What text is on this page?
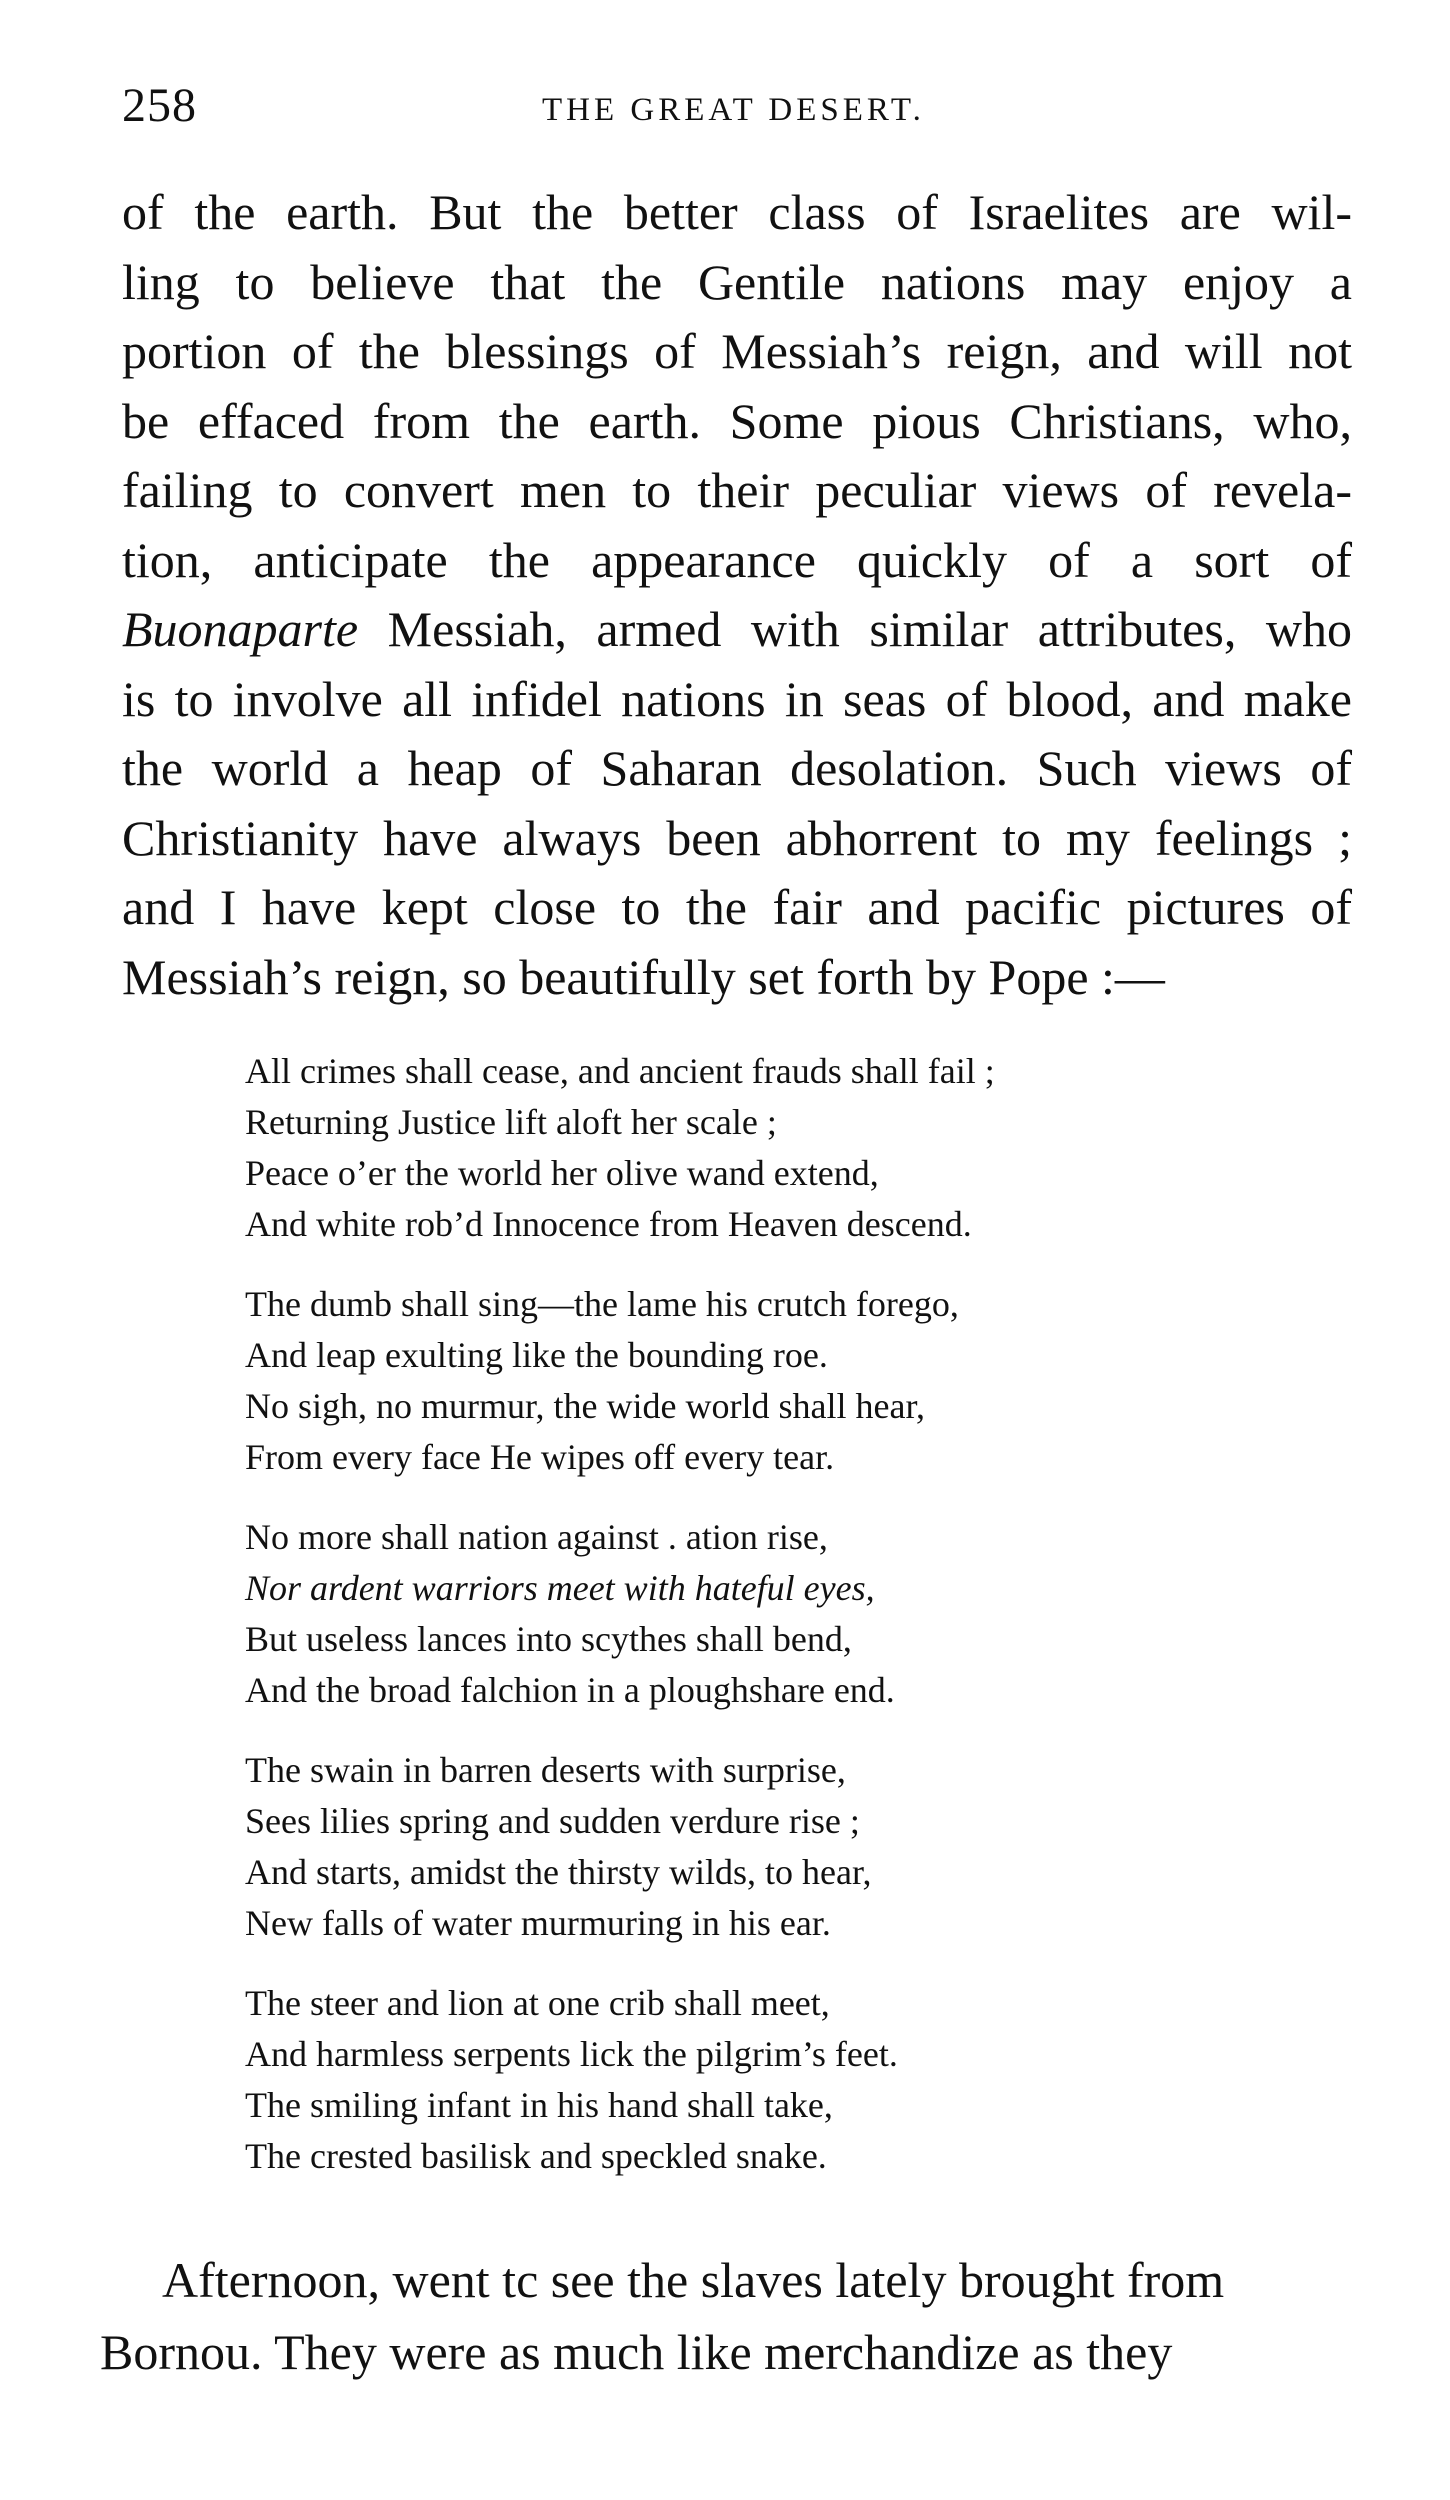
258	THE GREAT DESERT.
of the earth. But the better class of Israelites are wil-
ling to believe that the Gentile nations may enjoy a
portion of the blessings of Messiah’s reign, and will not
be effaced from the earth. Some pious Christians, who,
failing to convert men to their peculiar views of revela-
tion, anticipate the appearance quickly of a sort of
Buonaparte Messiah, armed with similar attributes, who
is to involve all infidel nations in seas of blood, and make
the world a heap of Saharan desolation. Such views of
Christianity have always been abhorrent to my feelings ;
and I have kept close to the fair and pacific pictures of
Messiah’s reign, so beautifully set forth by Pope :—
All crimes shall cease, and ancient frauds shall fail ;
Returning Justice lift aloft her scale ;
Peace o’er the world her olive wand extend,
And white rob’d Innocence from Heaven descend.
The dumb shall sing—the lame his crutch forego,
And leap exulting like the bounding roe.
No sigh, no murmur, the wide world shall hear,
From every face He wipes off every tear.
No more shall nation against . ation rise,
Nor ardent warriors meet with hateful eyes,
But useless lances into scythes shall bend,
And the broad falchion in a ploughshare end.
The swain in barren deserts with surprise,
Sees lilies spring and sudden verdure rise ;
And starts, amidst the thirsty wilds, to hear,
New falls of water murmuring in his ear.
The steer and lion at one crib shall meet,
And harmless serpents lick the pilgrim’s feet.
The smiling infant in his hand shall take,
The crested basilisk and speckled snake.
Afternoon, went tc see the slaves lately brought from
Bornou. They were as much like merchandize as they
